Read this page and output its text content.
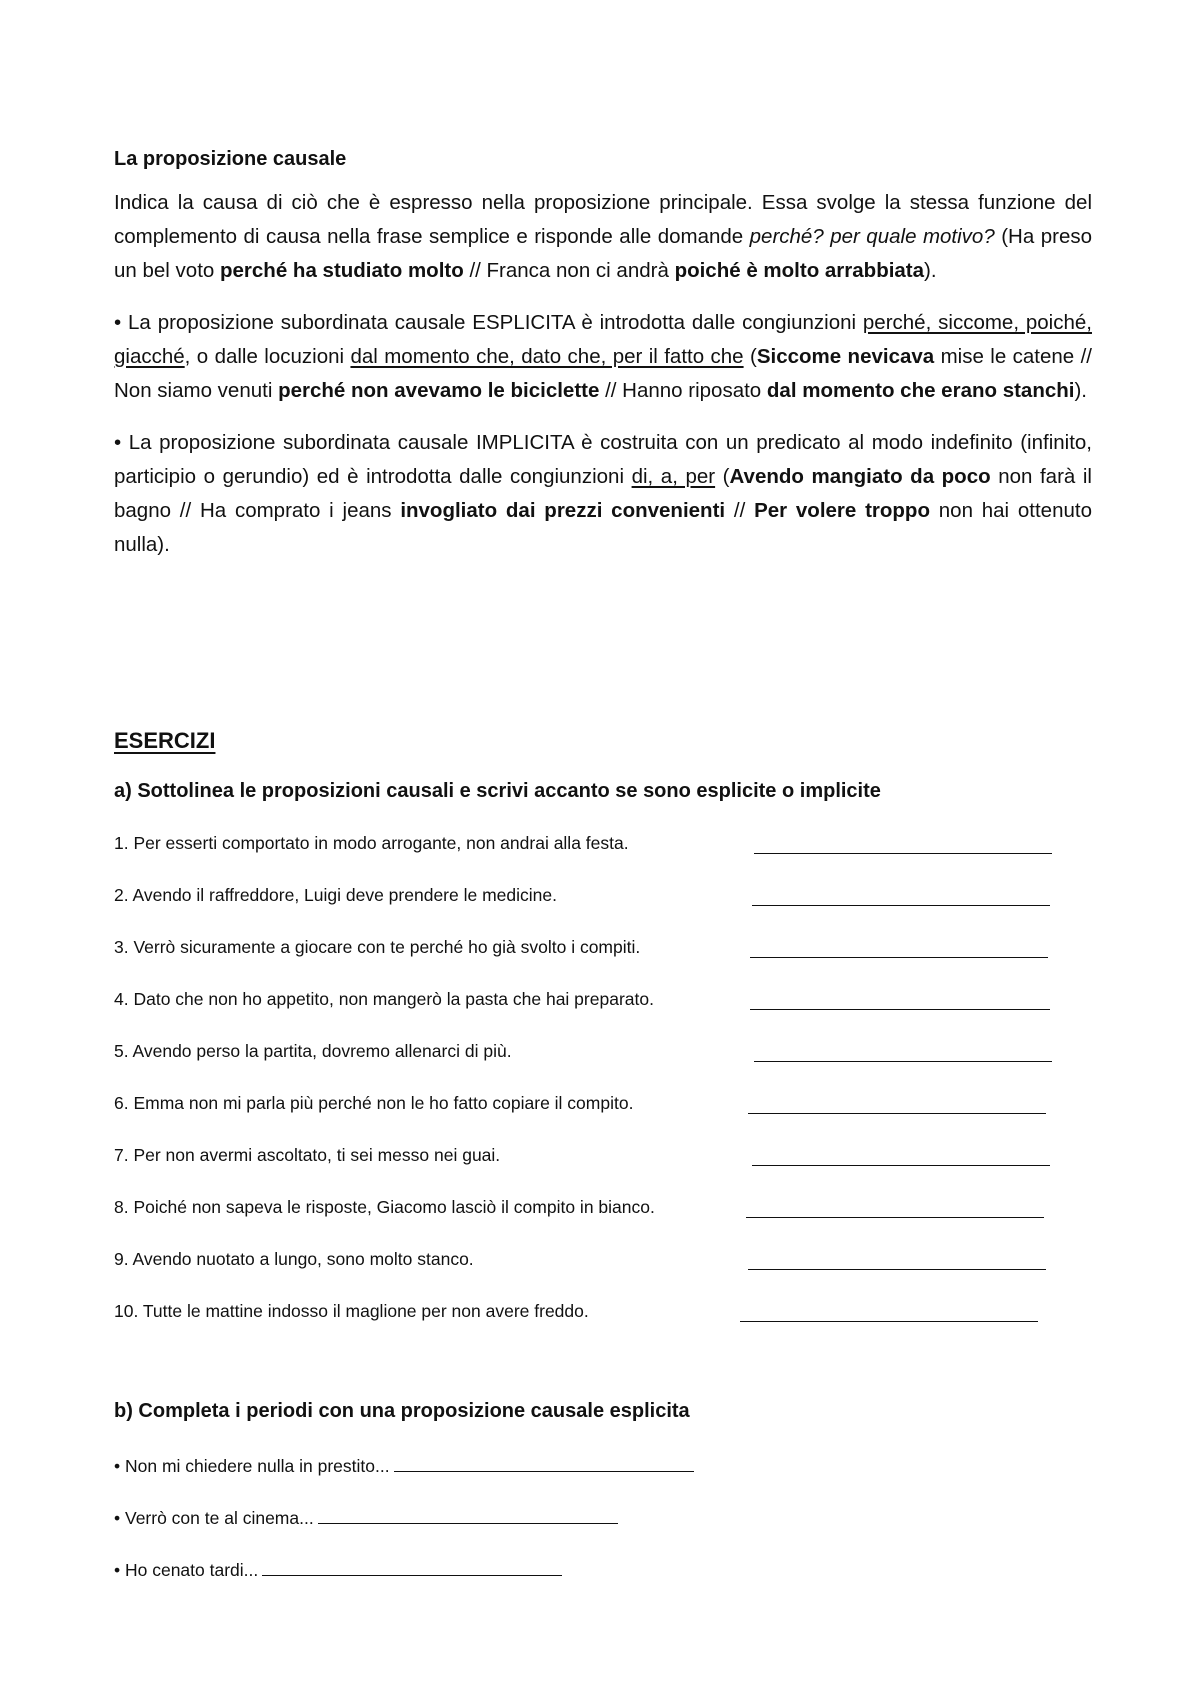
La proposizione causale

Indica la causa di ciò che è espresso nella proposizione principale. Essa svolge la stessa funzione del complemento di causa nella frase semplice e risponde alle domande perché? per quale motivo? (Ha preso un bel voto perché ha studiato molto // Franca non ci andrà poiché è molto arrabbiata).

• La proposizione subordinata causale ESPLICITA è introdotta dalle congiunzioni perché, siccome, poiché, giacché, o dalle locuzioni dal momento che, dato che, per il fatto che (Siccome nevicava mise le catene // Non siamo venuti perché non avevamo le biciclette // Hanno riposato dal momento che erano stanchi).

• La proposizione subordinata causale IMPLICITA è costruita con un predicato al modo indefinito (infinito, participio o gerundio) ed è introdotta dalle congiunzioni di, a, per (Avendo mangiato da poco non farà il bagno // Ha comprato i jeans invogliato dai prezzi convenienti // Per volere troppo non hai ottenuto nulla).

ESERCIZI
a) Sottolinea le proposizioni causali e scrivi accanto se sono esplicite o implicite
1. Per esserti comportato in modo arrogante, non andrai alla festa.
2. Avendo il raffreddore, Luigi deve prendere le medicine.
3. Verrò sicuramente a giocare con te perché ho già svolto i compiti.
4. Dato che non ho appetito, non mangerò la pasta che hai preparato.
5. Avendo perso la partita, dovremo allenarci di più.
6. Emma non mi parla più perché non le ho fatto copiare il compito.
7. Per non avermi ascoltato, ti sei messo nei guai.
8. Poiché non sapeva le risposte, Giacomo lasciò il compito in bianco.
9. Avendo nuotato a lungo, sono molto stanco.
10. Tutte le mattine indosso il maglione per non avere freddo.
b) Completa i periodi con una proposizione causale esplicita
• Non mi chiedere nulla in prestito...
• Verrò con te al cinema...
• Ho cenato tardi...
